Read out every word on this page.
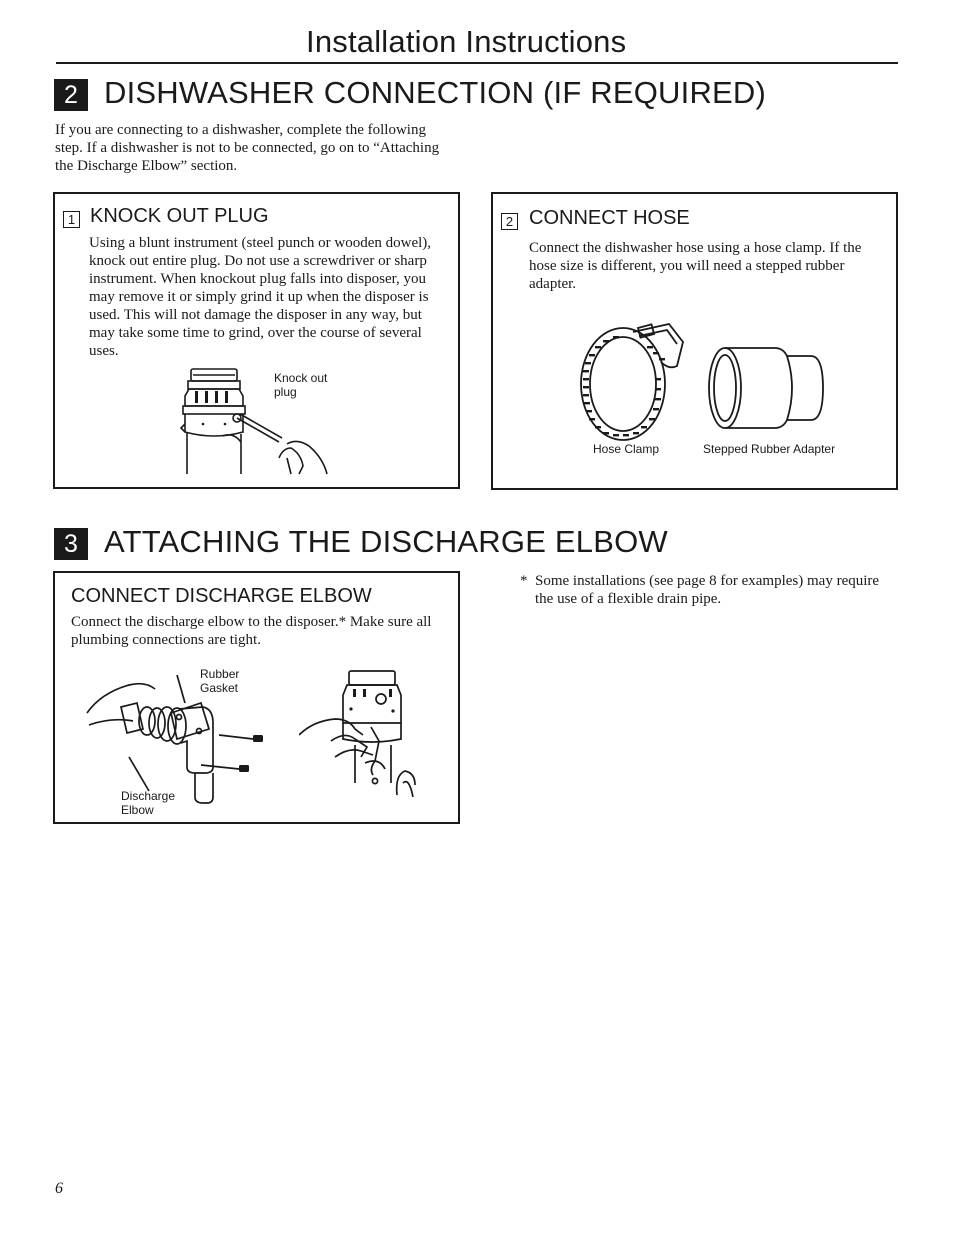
Installation Instructions
2 DISHWASHER CONNECTION (IF REQUIRED)
If you are connecting to a dishwasher, complete the following step. If a dishwasher is not to be connected, go on to “Attaching the Discharge Elbow” section.
1 KNOCK OUT PLUG
Using a blunt instrument (steel punch or wooden dowel), knock out entire plug. Do not use a screwdriver or sharp instrument. When knockout plug falls into disposer, you may remove it or simply grind it up when the disposer is used. This will not damage the disposer in any way, but may take some time to grind, over the course of several uses.
Knock out
plug
2 CONNECT HOSE
Connect the dishwasher hose using a hose clamp. If the hose size is different, you will need a stepped rubber adapter.
Hose Clamp	Stepped Rubber Adapter
3 ATTACHING THE DISCHARGE ELBOW
CONNECT DISCHARGE ELBOW
Connect the discharge elbow to the disposer.* Make sure all plumbing connections are tight.
Rubber
Gasket
Discharge
Elbow
* Some installations (see page 8 for examples) may require the use of a flexible drain pipe.
6
